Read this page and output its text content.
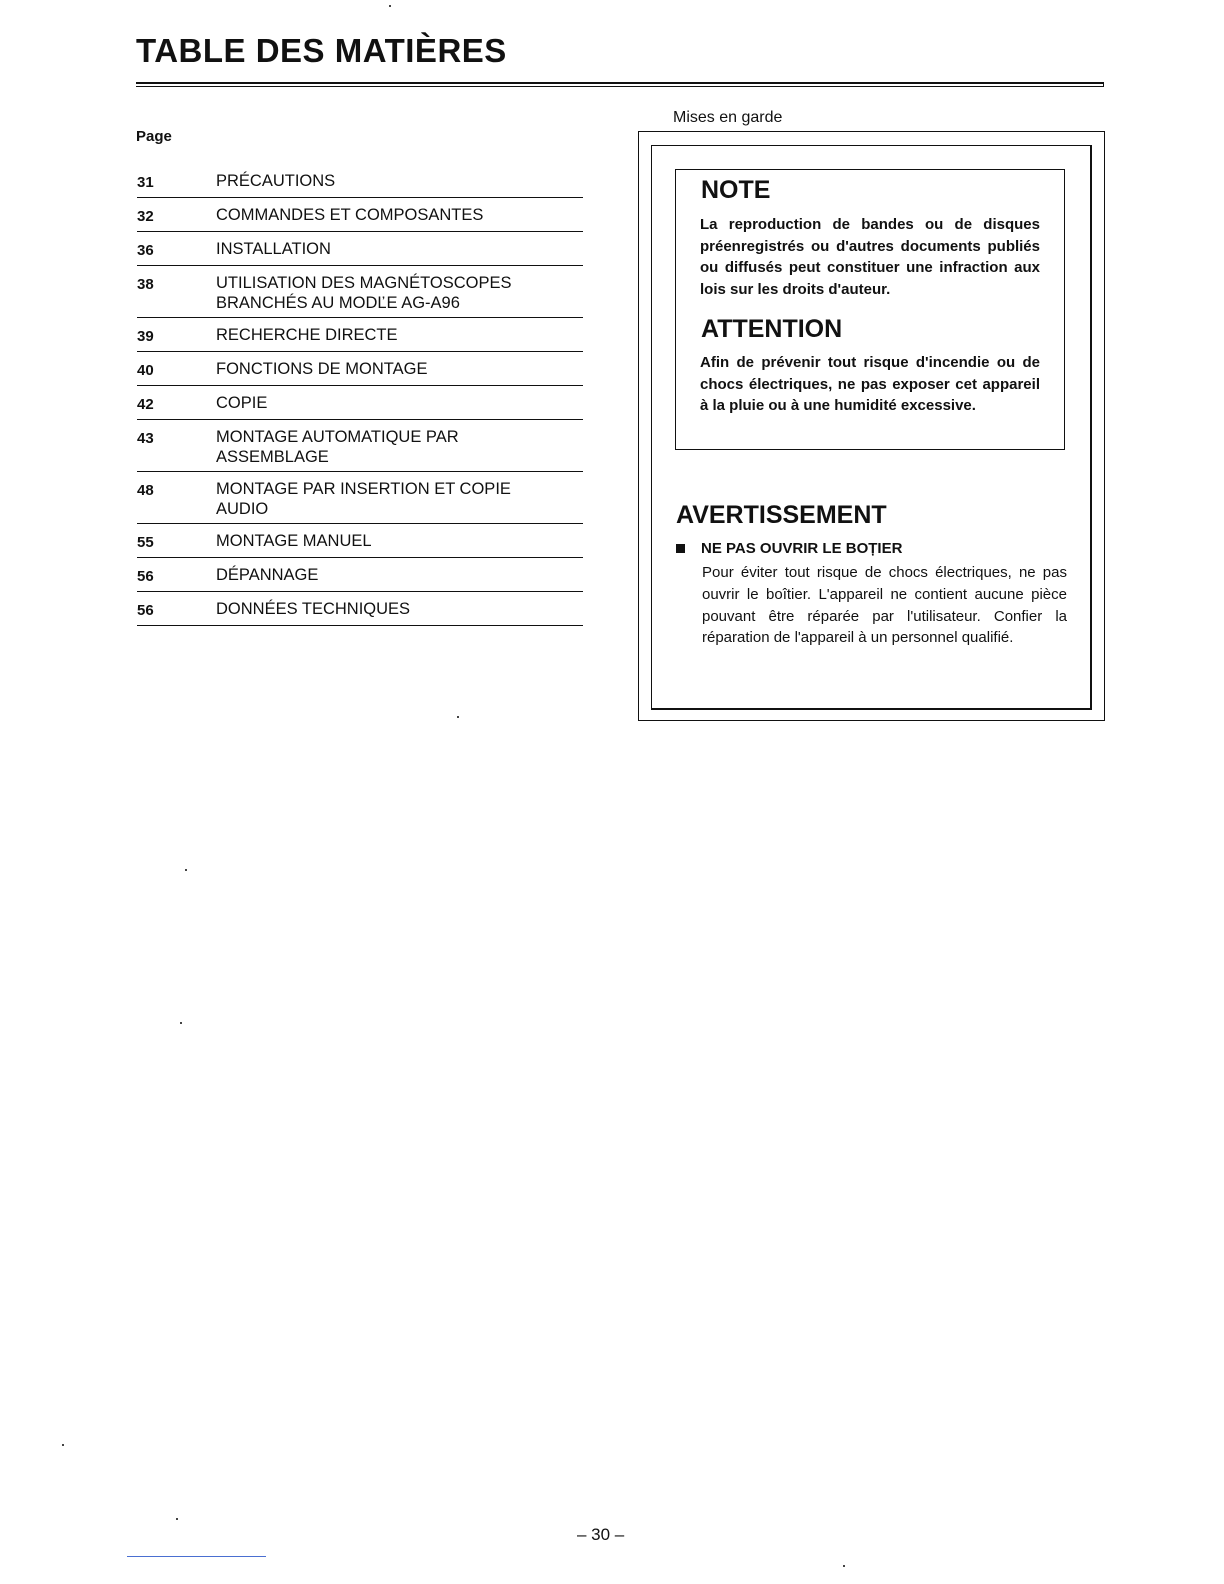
TABLE DES MATIÈRES
Page
31	PRÉCAUTIONS
32	COMMANDES ET COMPOSANTES
36	INSTALLATION
38	UTILISATION DES MAGNÉTOSCOPES BRANCHÉS AU MODĽE AG-A96
39	RECHERCHE DIRECTE
40	FONCTIONS DE MONTAGE
42	COPIE
43	MONTAGE AUTOMATIQUE PAR ASSEMBLAGE
48	MONTAGE PAR INSERTION ET COPIE AUDIO
55	MONTAGE MANUEL
56	DÉPANNAGE
56	DONNÉES TECHNIQUES
Mises en garde
NOTE
La reproduction de bandes ou de disques préenregistrés ou d'autres documents publiés ou diffusés peut constituer une infraction aux lois sur les droits d'auteur.
ATTENTION
Afin de prévenir tout risque d'incendie ou de chocs électriques, ne pas exposer cet appareil à la pluie ou à une humidité excessive.
AVERTISSEMENT
NE PAS OUVRIR LE BOȚIER
Pour éviter tout risque de chocs électriques, ne pas ouvrir le boîtier. L'appareil ne contient aucune pièce pouvant être réparée par l'utilisateur. Confier la réparation de l'appareil à un personnel qualifié.
– 30 –
